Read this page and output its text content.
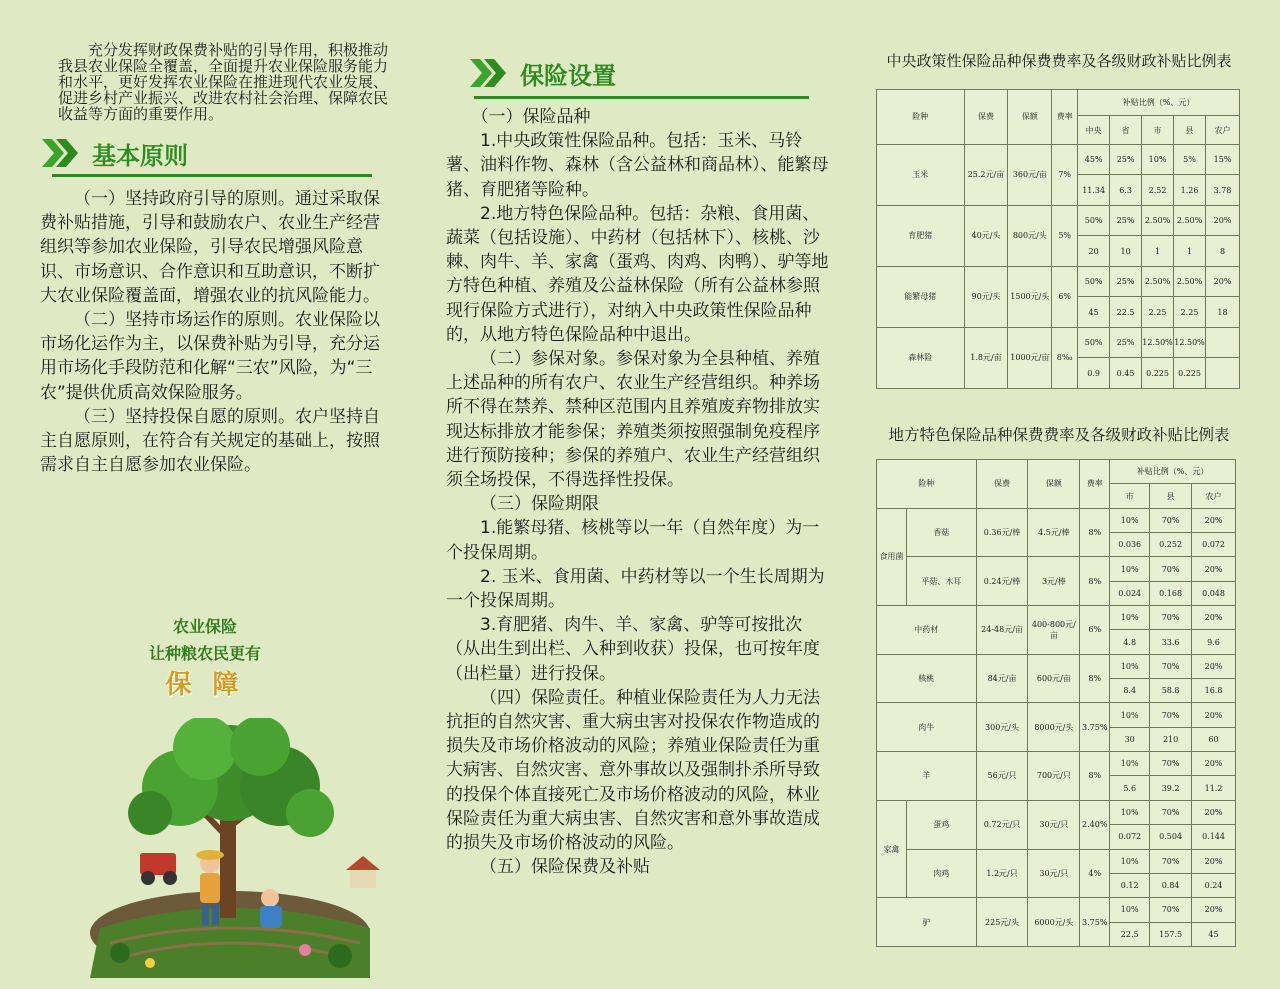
充分发挥财政保费补贴的引导作用，积极推动我县农业保险全覆盖，全面提升农业保险服务能力和水平，更好发挥农业保险在推进现代农业发展、促进乡村产业振兴、改进农村社会治理、保障农民收益等方面的重要作用。

基本原则

（一）坚持政府引导的原则。通过采取保费补贴措施，引导和鼓励农户、农业生产经营组织等参加农业保险，引导农民增强风险意识、市场意识、合作意识和互助意识，不断扩大农业保险覆盖面，增强农业的抗风险能力。

（二）坚持市场运作的原则。农业保险以市场化运作为主，以保费补贴为引导，充分运用市场化手段防范和化解“三农”风险，为“三农”提供优质高效保险服务。

（三）坚持投保自愿的原则。农户坚持自主自愿原则，在符合有关规定的基础上，按照需求自主自愿参加农业保险。

农业保险
让种粮农民更有
保 障
保险设置

（一）保险品种

1.中央政策性保险品种。包括：玉米、马铃薯、油料作物、森林（含公益林和商品林）、能繁母猪、育肥猪等险种。

2.地方特色保险品种。包括：杂粮、食用菌、蔬菜（包括设施）、中药材（包括林下）、核桃、沙棘、肉牛、羊、家禽（蛋鸡、肉鸡、肉鸭）、驴等地方特色种植、养殖及公益林保险（所有公益林参照现行保险方式进行），对纳入中央政策性保险品种的，从地方特色保险品种中退出。

（二）参保对象。参保对象为全县种植、养殖上述品种的所有农户、农业生产经营组织。种养场所不得在禁养、禁种区范围内且养殖废弃物排放实现达标排放才能参保；养殖类须按照强制免疫程序进行预防接种；参保的养殖户、农业生产经营组织须全场投保，不得选择性投保。

（三）保险期限

1.能繁母猪、核桃等以一年（自然年度）为一个投保周期。

2. 玉米、食用菌、中药材等以一个生长周期为一个投保周期。

3.育肥猪、肉牛、羊、家禽、驴等可按批次（从出生到出栏、入种到收获）投保，也可按年度（出栏量）进行投保。

（四）保险责任。种植业保险责任为人力无法抗拒的自然灾害、重大病虫害对投保农作物造成的损失及市场价格波动的风险；养殖业保险责任为重大病害、自然灾害、意外事故以及强制扑杀所导致的投保个体直接死亡及市场价格波动的风险，林业保险责任为重大病虫害、自然灾害和意外事故造成的损失及市场价格波动的风险。

（五）保险保费及补贴

中央政策性保险品种保费费率及各级财政补贴比例表
险种	保费	保额	费率	补贴比例（%、元）				
				中央	省	市	县	农户
玉米	25.2元/亩	360元/亩	7%	45%	25%	10%	5%	15%
				11.34	6.3	2.52	1.26	3.78
育肥猪	40元/头	800元/头	5%	50%	25%	2.50%	2.50%	20%
				20	10	1	1	8
能繁母猪	90元/头	1500元/头	6%	50%	25%	2.50%	2.50%	20%
				45	22.5	2.25	2.25	18
森林险	1.8元/亩	1000元/亩	8‰	50%	25%	12.50%	12.50%	
				0.9	0.45	0.225	0.225	
地方特色保险品种保费费率及各级财政补贴比例表
险种		保费	保额	费率	补贴比例（%、元）		
					市	县	农户
食用菌	香菇	0.36元/棒	4.5元/棒	8%	10%	70%	20%
					0.036	0.252	0.072
	平菇、木耳	0.24元/棒	3元/棒	8%	10%	70%	20%
					0.024	0.168	0.048
中药材		24-48元/亩	400-800元/亩	6%	10%	70%	20%
					4.8	33.6	9.6
核桃		84元/亩	600元/亩	8%	10%	70%	20%
					8.4	58.8	16.8
肉牛		300元/头	8000元/头	3.75%	10%	70%	20%
					30	210	60
羊		56元/只	700元/只	8%	10%	70%	20%
					5.6	39.2	11.2
家禽	蛋鸡	0.72元/只	30元/只	2.40%	10%	70%	20%
					0.072	0.504	0.144
	肉鸡	1.2元/只	30元/只	4%	10%	70%	20%
					0.12	0.84	0.24
驴		225元/头	6000元/头	3.75%	10%	70%	20%
					22.5	157.5	45
